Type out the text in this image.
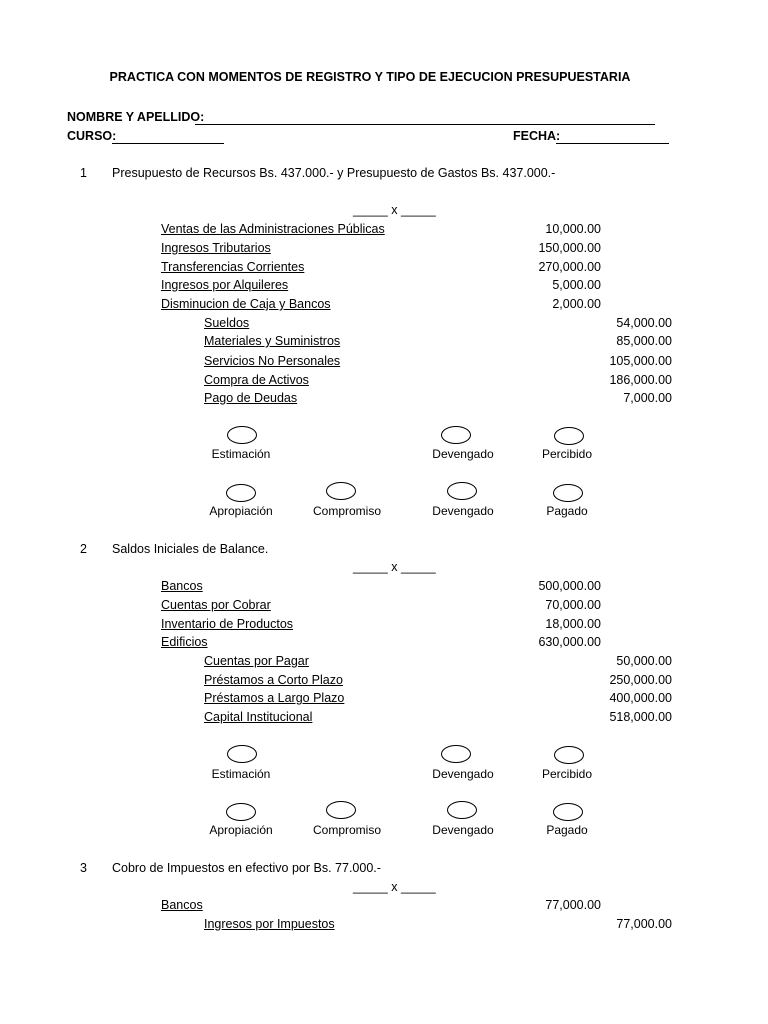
PRACTICA CON MOMENTOS DE REGISTRO Y TIPO DE EJECUCION PRESUPUESTARIA
NOMBRE Y APELLIDO:
CURSO:	FECHA:
1 Presupuesto de Recursos Bs. 437.000.- y Presupuesto de Gastos Bs. 437.000.-
_____ x _____
Ventas de las Administraciones Públicas	10,000.00
Ingresos Tributarios	150,000.00
Transferencias Corrientes	270,000.00
Ingresos por Alquileres	5,000.00
Disminucion de Caja y Bancos	2,000.00
Sueldos	54,000.00
Materiales y Suministros	85,000.00
Servicios No Personales	105,000.00
Compra de Activos	186,000.00
Pago de Deudas	7,000.00
Estimación	Devengado	Percibido
Apropiación	Compromiso	Devengado	Pagado
2 Saldos Iniciales de Balance.
_____ x _____
Bancos	500,000.00
Cuentas por Cobrar	70,000.00
Inventario de Productos	18,000.00
Edificios	630,000.00
Cuentas por Pagar	50,000.00
Préstamos a Corto Plazo	250,000.00
Préstamos a Largo Plazo	400,000.00
Capital Institucional	518,000.00
Estimación	Devengado	Percibido
Apropiación	Compromiso	Devengado	Pagado
3 Cobro de Impuestos en efectivo por Bs. 77.000.-
_____ x _____
Bancos	77,000.00
Ingresos por Impuestos	77,000.00
